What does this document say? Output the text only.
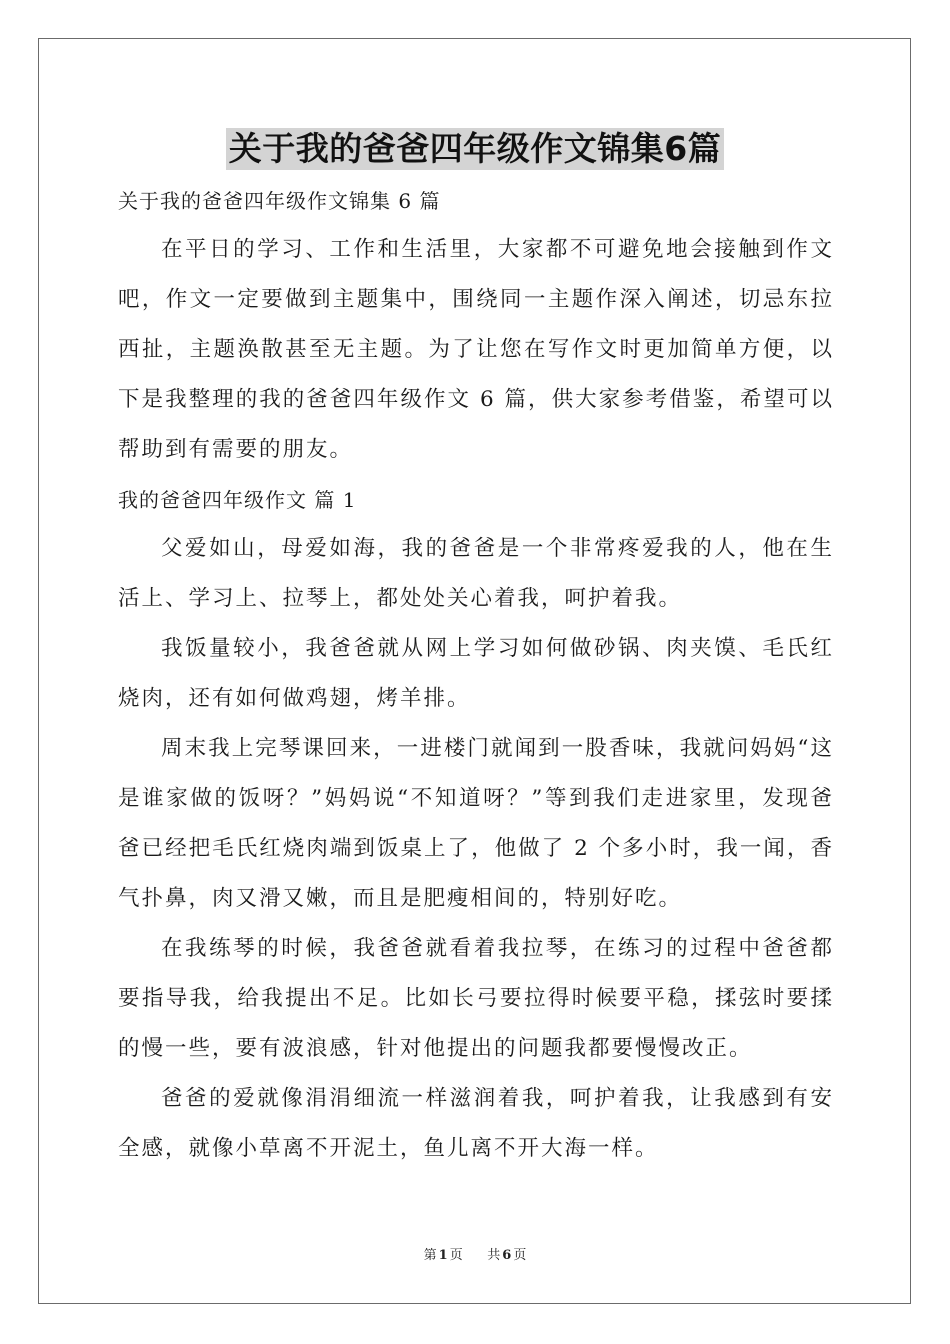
关于我的爸爸四年级作文锦集6篇

关于我的爸爸四年级作文锦集 6 篇

在平日的学习、工作和生活里，大家都不可避免地会接触到作文吧，作文一定要做到主题集中，围绕同一主题作深入阐述，切忌东拉西扯，主题涣散甚至无主题。为了让您在写作文时更加简单方便，以下是我整理的我的爸爸四年级作文 6 篇，供大家参考借鉴，希望可以帮助到有需要的朋友。

我的爸爸四年级作文 篇 1

父爱如山，母爱如海，我的爸爸是一个非常疼爱我的人，他在生活上、学习上、拉琴上，都处处关心着我，呵护着我。

我饭量较小，我爸爸就从网上学习如何做砂锅、肉夹馍、毛氏红烧肉，还有如何做鸡翅，烤羊排。

周末我上完琴课回来，一进楼门就闻到一股香味，我就问妈妈“这是谁家做的饭呀？”妈妈说“不知道呀？”等到我们走进家里，发现爸爸已经把毛氏红烧肉端到饭桌上了，他做了 2 个多小时，我一闻，香气扑鼻，肉又滑又嫩，而且是肥瘦相间的，特别好吃。

在我练琴的时候，我爸爸就看着我拉琴，在练习的过程中爸爸都要指导我，给我提出不足。比如长弓要拉得时候要平稳，揉弦时要揉的慢一些，要有波浪感，针对他提出的问题我都要慢慢改正。

爸爸的爱就像涓涓细流一样滋润着我，呵护着我，让我感到有安全感，就像小草离不开泥土，鱼儿离不开大海一样。

第 1 页 共 6 页
